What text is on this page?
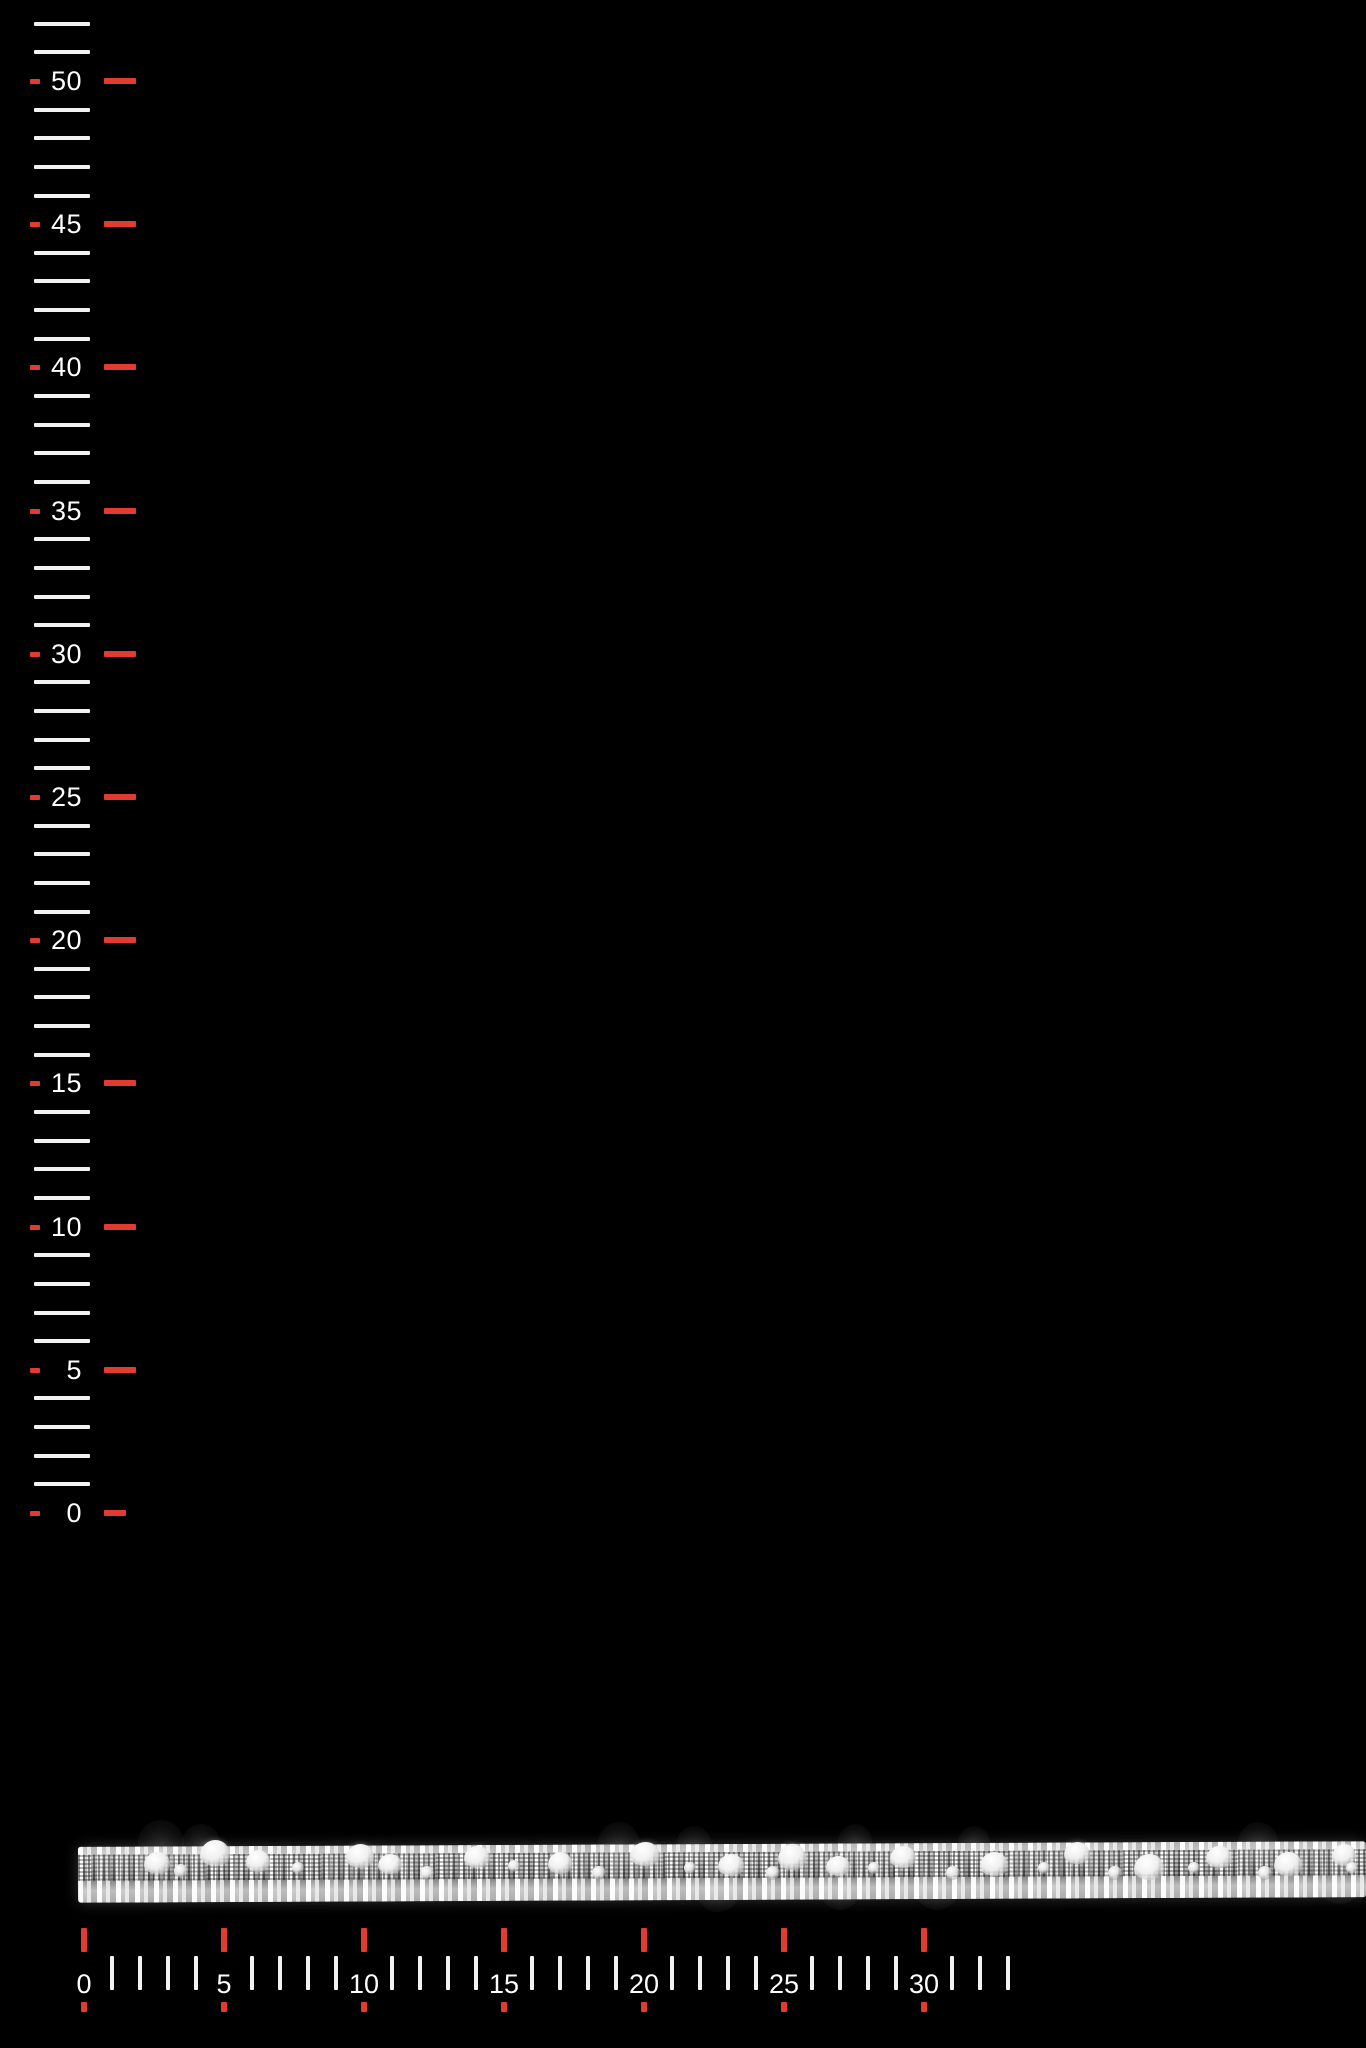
0
5
10
15
20
25
30
35
40
45
50
0	5	10	15	20	25	30
